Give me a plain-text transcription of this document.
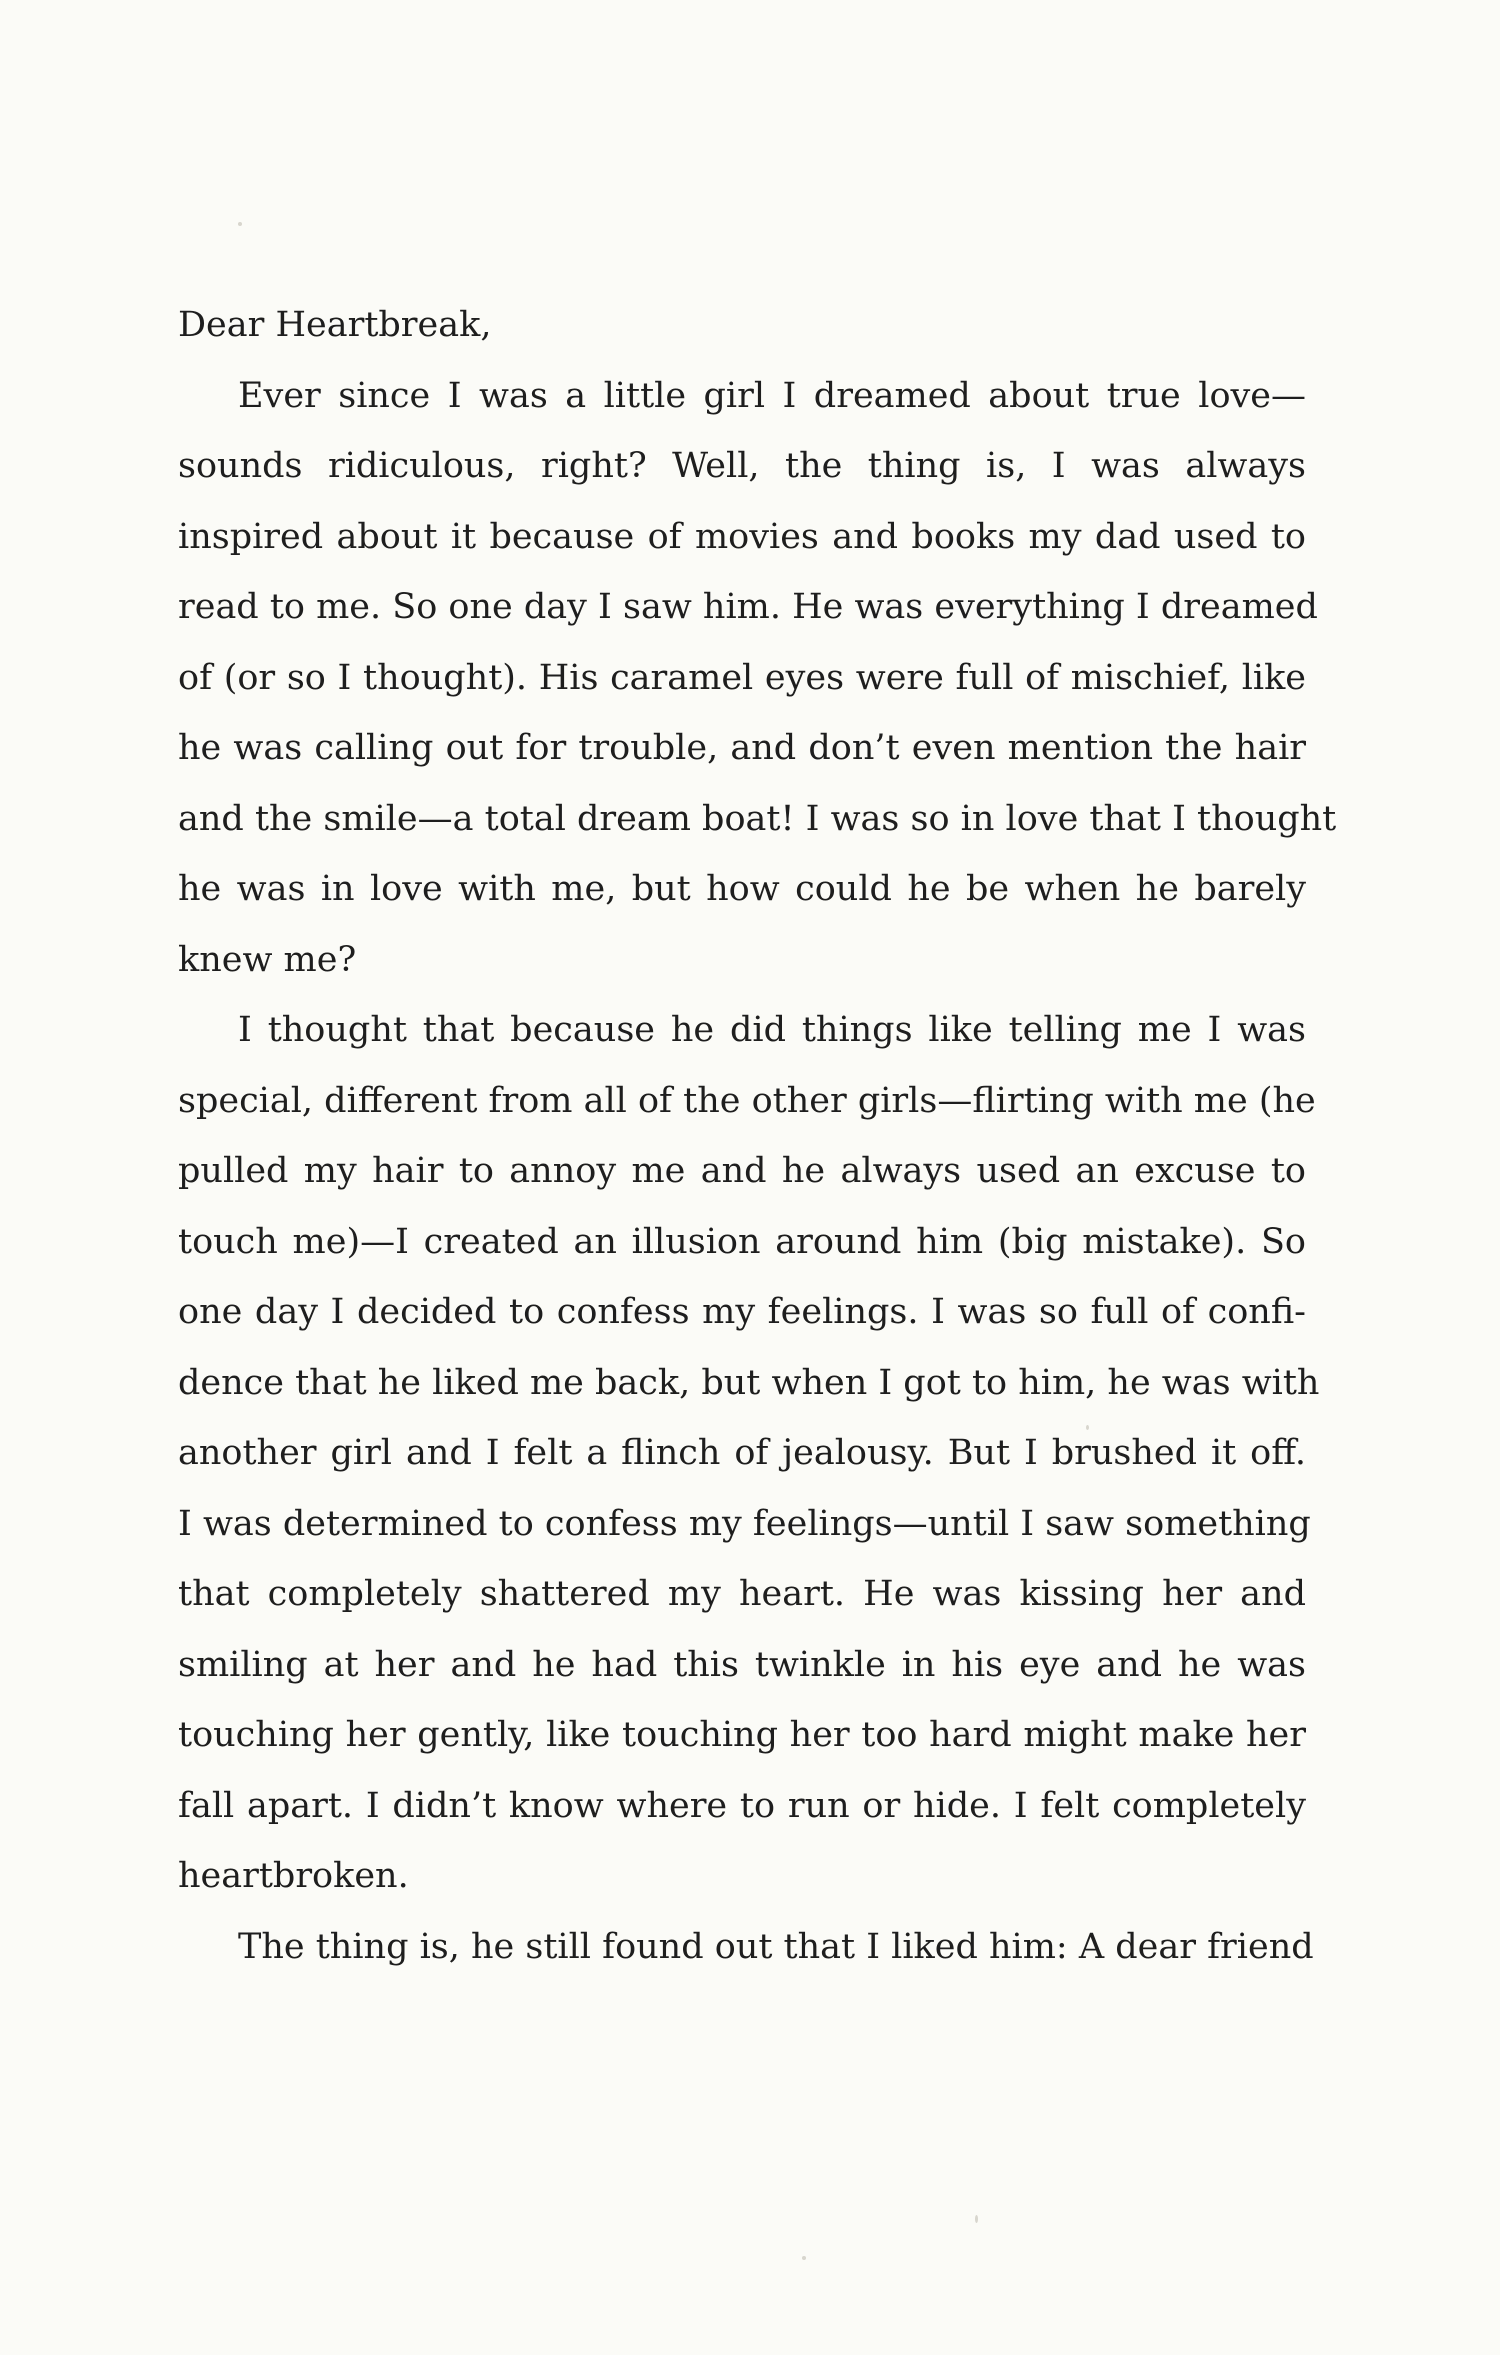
Dear Heartbreak,

Ever since I was a little girl I dreamed about true love—
sounds ridiculous, right? Well, the thing is, I was always
inspired about it because of movies and books my dad used to
read to me. So one day I saw him. He was everything I dreamed
of (or so I thought). His caramel eyes were full of mischief, like
he was calling out for trouble, and don’t even mention the hair
and the smile—a total dream boat! I was so in love that I thought
he was in love with me, but how could he be when he barely
knew me?
I thought that because he did things like telling me I was
special, different from all of the other girls—flirting with me (he
pulled my hair to annoy me and he always used an excuse to
touch me)—I created an illusion around him (big mistake). So
one day I decided to confess my feelings. I was so full of confi-
dence that he liked me back, but when I got to him, he was with
another girl and I felt a flinch of jealousy. But I brushed it off.
I was determined to confess my feelings—until I saw something
that completely shattered my heart. He was kissing her and
smiling at her and he had this twinkle in his eye and he was
touching her gently, like touching her too hard might make her
fall apart. I didn’t know where to run or hide. I felt completely
heartbroken.
The thing is, he still found out that I liked him: A dear friend
